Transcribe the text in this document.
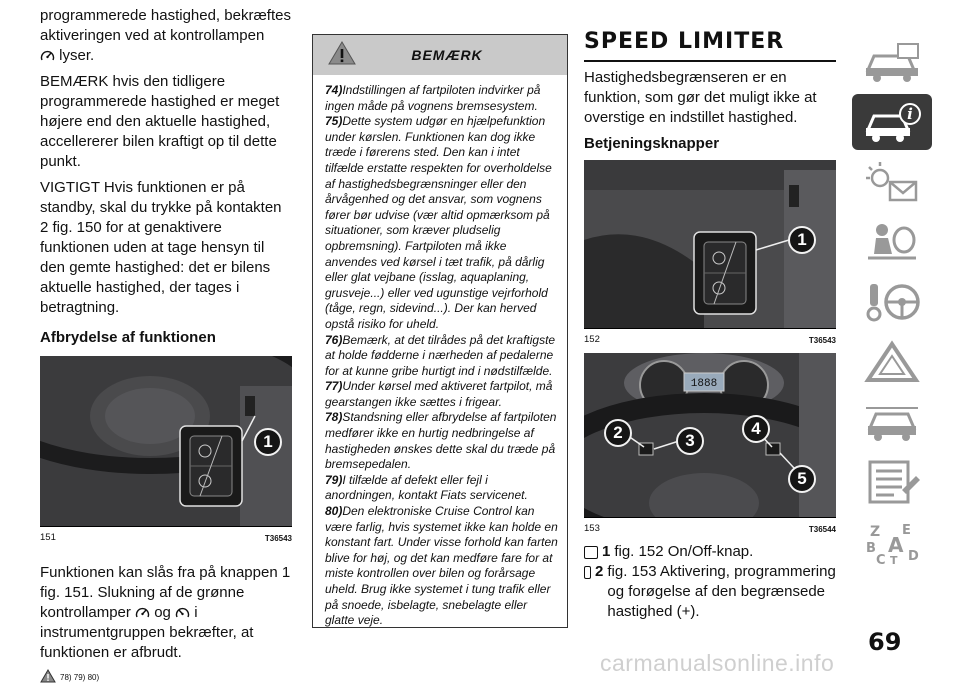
programmerede hastighed, bekræftes aktiveringen ved at kontrollampen
lyser.

BEMÆRK hvis den tidligere programmerede hastighed er meget højere end den aktuelle hastighed, accellererer bilen kraftigt op til dette punkt.

VIGTIGT Hvis funktionen er på standby, skal du trykke på kontakten 2 fig. 150 for at genaktivere funktionen uden at tage hensyn til den gemte hastighed: det er bilens aktuelle hastighed, der tages i betragtning.

Afbrydelse af funktionen
1
151	T36543

Funktionen kan slås fra på knappen 1 fig. 151. Slukning af de grønne kontrollamper og i instrumentgruppen bekræfter, at funktionen er afbrudt.

78) 79) 80)
BEMÆRK

74)Indstillingen af fartpiloten indvirker på ingen måde på vognens bremsesystem.

75)Dette system udgør en hjælpefunktion under kørslen. Funktionen kan dog ikke træde i førerens sted. Den kan i intet tilfælde erstatte respekten for overholdelse af hastighedsbegrænsninger eller den årvågenhed og det ansvar, som vognens fører bør udvise (vær altid opmærksom på situationer, som kræver pludselig opbremsning). Fartpiloten må ikke anvendes ved kørsel i tæt trafik, på dårlig eller glat vejbane (isslag, aquaplaning, grusveje...) eller ved ugunstige vejrforhold (tåge, regn, sidevind...). Der kan herved opstå risiko for uheld.

76)Bemærk, at det tilrådes på det kraftigste at holde fødderne i nærheden af pedalerne for at kunne gribe hurtigt ind i nødstilfælde.

77)Under kørsel med aktiveret fartpilot, må gearstangen ikke sættes i frigear.

78)Standsning eller afbrydelse af fartpiloten medfører ikke en hurtig nedbringelse af hastigheden ønskes dette skal du træde på bremsepedalen.

79)I tilfælde af defekt eller fejl i anordningen, kontakt Fiats servicenet.

80)Den elektroniske Cruise Control kan være farlig, hvis systemet ikke kan holde en konstant fart. Under visse forhold kan farten blive for høj, og det kan medføre fare for at miste kontrollen over bilen og forårsage uheld. Brug ikke systemet i tung trafik eller på snoede, isbelagte, snebelagte eller glatte veje.

SPEED LIMITER

Hastighedsbegrænseren er en funktion, som gør det muligt ikke at overstige en indstillet hastighed.

Betjeningsknapper
1
152	T36543
1888
2	3
4
5
153	T36544
1 fig. 152 On/Off-knap.
2 fig. 153 Aktivering, programmering og forøgelse af den begrænsede hastighed (+).
i
Z E
B A
C D
T
69
carmanualsonline.info
